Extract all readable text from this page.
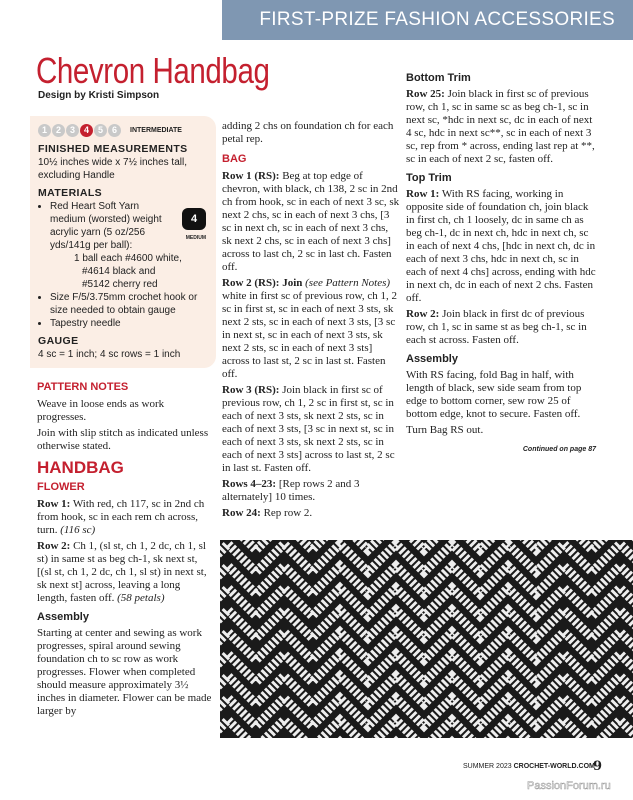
FIRST-PRIZE FASHION ACCESSORIES
Chevron Handbag
Design by Kristi Simpson
1 2 3 4 5 6	INTERMEDIATE
FINISHED MEASUREMENTS
10½ inches wide x 7½ inches tall, excluding Handle
MATERIALS
• Red Heart Soft Yarn medium (worsted) weight acrylic yarn (5 oz/256 yds/141g per ball):
1 ball each #4600 white,
#4614 black and
#5142 cherry red
• Size F/5/3.75mm crochet hook or size needed to obtain gauge
• Tapestry needle
4
MEDIUM
GAUGE
4 sc = 1 inch; 4 sc rows = 1 inch
PATTERN NOTES

Weave in loose ends as work progresses.

Join with slip stitch as indicated unless otherwise stated.

HANDBAG
FLOWER

Row 1: With red, ch 117, sc in 2nd ch from hook, sc in each rem ch across, turn. (116 sc)

Row 2: Ch 1, (sl st, ch 1, 2 dc, ch 1, sl st) in same st as beg ch-1, sk next st, [(sl st, ch 1, 2 dc, ch 1, sl st) in next st, sk next st] across, leaving a long length, fasten off. (58 petals)

Assembly

Starting at center and sewing as work progresses, spiral around sewing foundation ch to sc row as work progresses. Flower when completed should measure approximately 3½ inches in diameter. Flower can be made larger by

adding 2 chs on foundation ch for each petal rep.

BAG

Row 1 (RS): Beg at top edge of chevron, with black, ch 138, 2 sc in 2nd ch from hook, sc in each of next 3 sc, sk next 2 chs, sc in each of next 3 chs, [3 sc in next ch, sc in each of next 3 chs, sk next 2 chs, sc in each of next 3 chs] across to last ch, 2 sc in last ch. Fasten off.

Row 2 (RS): Join (see Pattern Notes) white in first sc of previous row, ch 1, 2 sc in first st, sc in each of next 3 sts, sk next 2 sts, sc in each of next 3 sts, [3 sc in next st, sc in each of next 3 sts, sk next 2 sts, sc in each of next 3 sts] across to last st, 2 sc in last st. Fasten off.

Row 3 (RS): Join black in first sc of previous row, ch 1, 2 sc in first st, sc in each of next 3 sts, sk next 2 sts, sc in each of next 3 sts, [3 sc in next st, sc in each of next 3 sts, sk next 2 sts, sc in each of next 3 sts] across to last st, 2 sc in last st. Fasten off.

Rows 4–23: [Rep rows 2 and 3 alternately] 10 times.

Row 24: Rep row 2.

Bottom Trim

Row 25: Join black in first sc of previous row, ch 1, sc in same sc as beg ch-1, sc in next sc, *hdc in next sc, dc in each of next 4 sc, hdc in next sc**, sc in each of next 3 sc, rep from * across, ending last rep at **, sc in each of next 2 sc, fasten off.

Top Trim

Row 1: With RS facing, working in opposite side of foundation ch, join black in first ch, ch 1 loosely, dc in same ch as beg ch-1, dc in next ch, hdc in next ch, sc in each of next 4 chs, [hdc in next ch, dc in each of next 3 chs, hdc in next ch, sc in each of next 4 chs] across, ending with hdc in next ch, dc in each of next 2 chs. Fasten off.

Row 2: Join black in first dc of previous row, ch 1, sc in same st as beg ch-1, sc in each st across. Fasten off.

Assembly

With RS facing, fold Bag in half, with length of black, sew side seam from top edge to bottom corner, sew row 25 of bottom edge, knot to secure. Fasten off.

Turn Bag RS out.

Continued on page 87
SUMMER 2023 CROCHET-WORLD.COM
9
PassionForum.ru
